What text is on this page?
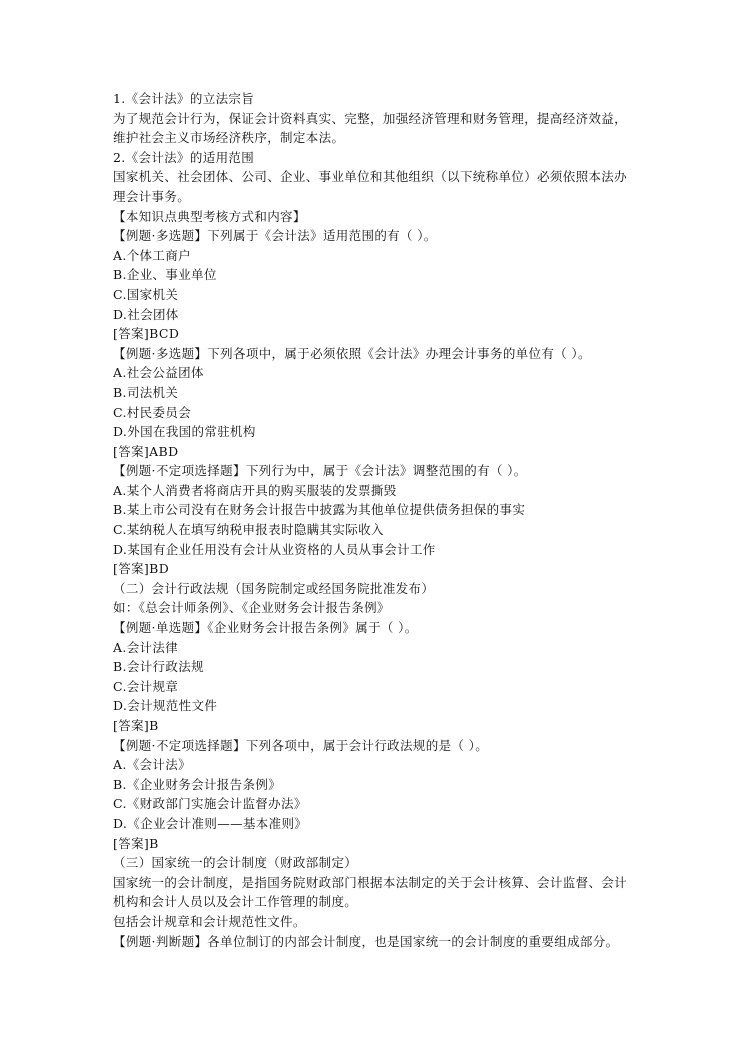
1.《会计法》的立法宗旨
为了规范会计行为，保证会计资料真实、完整，加强经济管理和财务管理，提高经济效益，
维护社会主义市场经济秩序，制定本法。
2.《会计法》的适用范围
国家机关、社会团体、公司、企业、事业单位和其他组织（以下统称单位）必须依照本法办
理会计事务。
【本知识点典型考核方式和内容】
【例题·多选题】下列属于《会计法》适用范围的有（ ）。
A.个体工商户
B.企业、事业单位
C.国家机关
D.社会团体
[答案]BCD
【例题·多选题】下列各项中，属于必须依照《会计法》办理会计事务的单位有（ ）。
A.社会公益团体
B.司法机关
C.村民委员会
D.外国在我国的常驻机构
[答案]ABD
【例题·不定项选择题】下列行为中，属于《会计法》调整范围的有（ ）。
A.某个人消费者将商店开具的购买服装的发票撕毁
B.某上市公司没有在财务会计报告中披露为其他单位提供债务担保的事实
C.某纳税人在填写纳税申报表时隐瞒其实际收入
D.某国有企业任用没有会计从业资格的人员从事会计工作
[答案]BD
（二）会计行政法规（国务院制定或经国务院批准发布）
如：《总会计师条例》、《企业财务会计报告条例》
【例题·单选题】《企业财务会计报告条例》属于（ ）。
A.会计法律
B.会计行政法规
C.会计规章
D.会计规范性文件
[答案]B
【例题·不定项选择题】下列各项中，属于会计行政法规的是（ ）。
A.《会计法》
B.《企业财务会计报告条例》
C.《财政部门实施会计监督办法》
D.《企业会计准则——基本准则》
[答案]B
（三）国家统一的会计制度（财政部制定）
国家统一的会计制度，是指国务院财政部门根据本法制定的关于会计核算、会计监督、会计
机构和会计人员以及会计工作管理的制度。
包括会计规章和会计规范性文件。
【例题·判断题】各单位制订的内部会计制度，也是国家统一的会计制度的重要组成部分。
